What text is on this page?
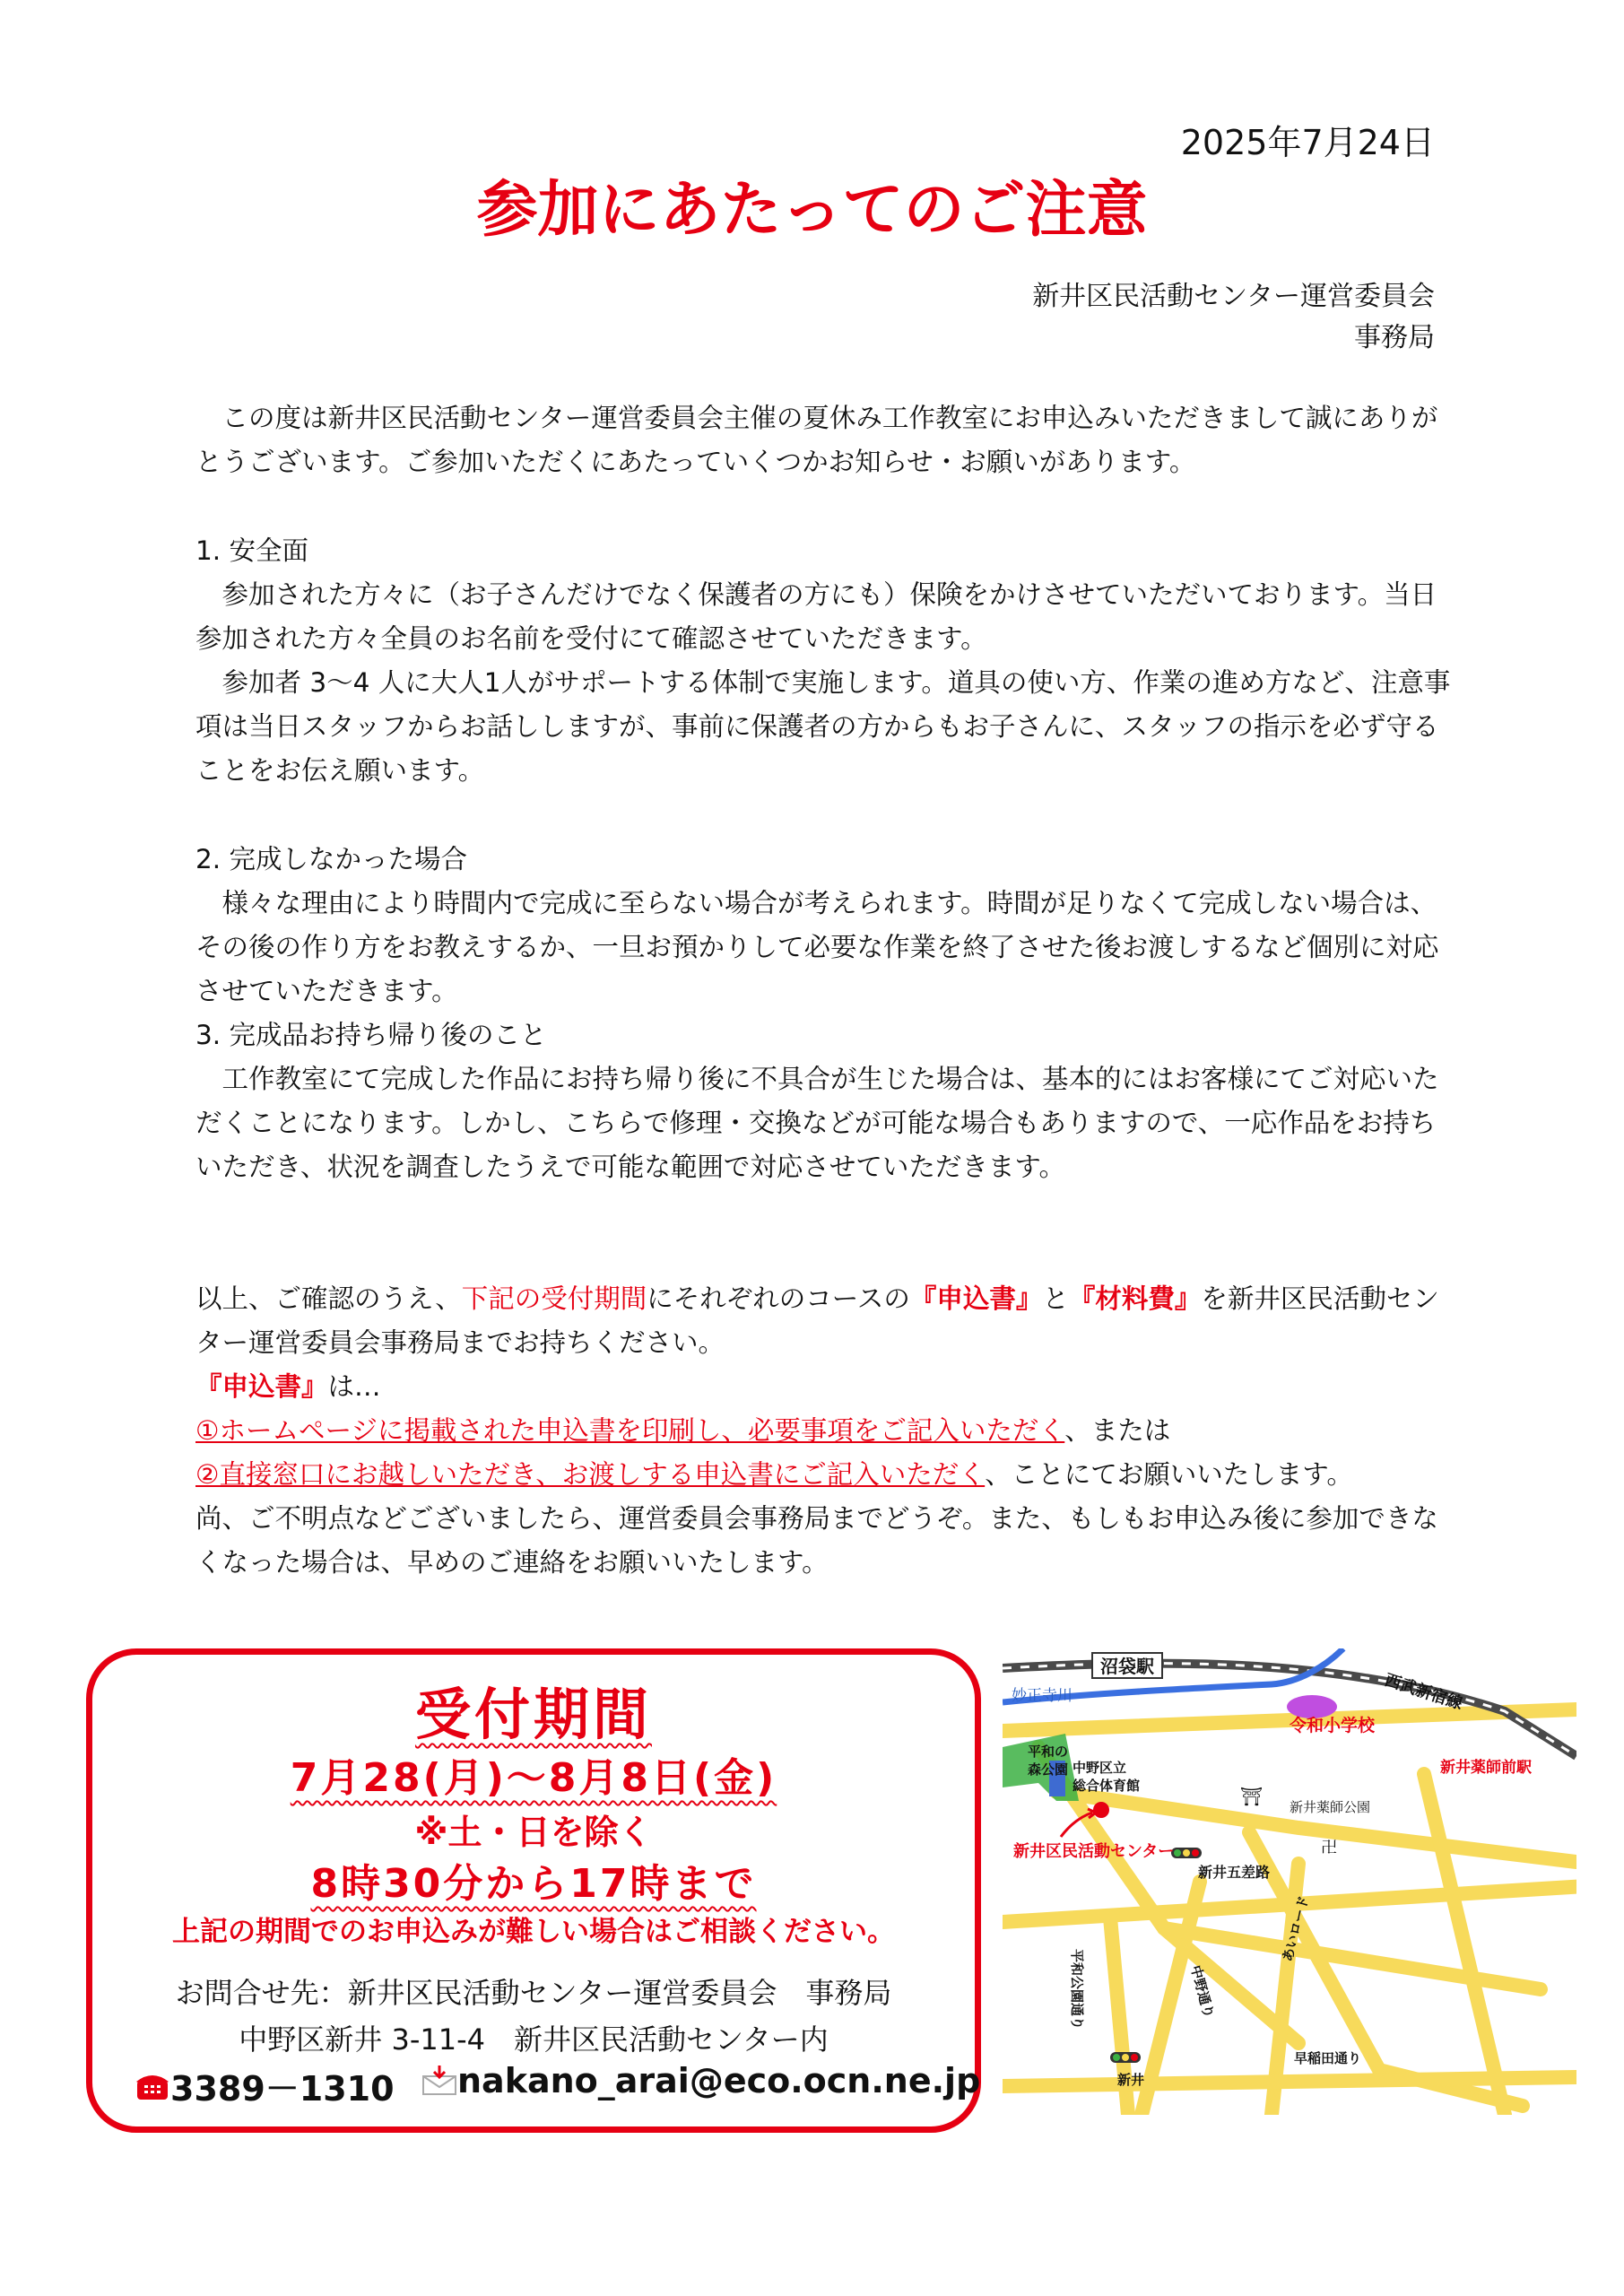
2025年7月24日
参加にあたってのご注意
新井区民活動センター運営委員会
事務局

この度は新井区民活動センター運営委員会主催の夏休み工作教室にお申込みいただきまして誠にありがとうございます。ご参加いただくにあたっていくつかお知らせ・お願いがあります。

1. 安全面

参加された方々に（お子さんだけでなく保護者の方にも）保険をかけさせていただいております。当日参加された方々全員のお名前を受付にて確認させていただきます。

参加者 3～4 人に大人1人がサポートする体制で実施します。道具の使い方、作業の進め方など、注意事項は当日スタッフからお話ししますが、事前に保護者の方からもお子さんに、スタッフの指示を必ず守ることをお伝え願います。

2. 完成しなかった場合

様々な理由により時間内で完成に至らない場合が考えられます。時間が足りなくて完成しない場合は、その後の作り方をお教えするか、一旦お預かりして必要な作業を終了させた後お渡しするなど個別に対応させていただきます。

3. 完成品お持ち帰り後のこと

工作教室にて完成した作品にお持ち帰り後に不具合が生じた場合は、基本的にはお客様にてご対応いただくことになります。しかし、こちらで修理・交換などが可能な場合もありますので、一応作品をお持ちいただき、状況を調査したうえで可能な範囲で対応させていただきます。

以上、ご確認のうえ、下記の受付期間にそれぞれのコースの『申込書』と『材料費』を新井区民活動センター運営委員会事務局までお持ちください。

『申込書』は…

①ホームページに掲載された申込書を印刷し、必要事項をご記入いただく、または

②直接窓口にお越しいただき、お渡しする申込書にご記入いただく、ことにてお願いいたします。

尚、ご不明点などございましたら、運営委員会事務局までどうぞ。また、もしもお申込み後に参加できなくなった場合は、早めのご連絡をお願いいたします。

受付期間
7月28(月)～8月8日(金)
※土・日を除く
8時30分から17時まで
上記の期間でのお申込みが難しい場合はご相談ください。

お問合せ先：新井区民活動センター運営委員会　事務局

中野区新井 3-11-4　新井区民活動センター内

3389－1310 nakano_arai@eco.ocn.ne.jp
沼袋駅
西武新宿線
妙正寺川
令和小学校
新井薬師前駅
平和の
森公園 中野区立
総合体育館	⛩
卍
新井薬師公園
新井区民活動センター
新井五差路
平和公園通り	中野通り
あいロード
早稲田通り
新井
